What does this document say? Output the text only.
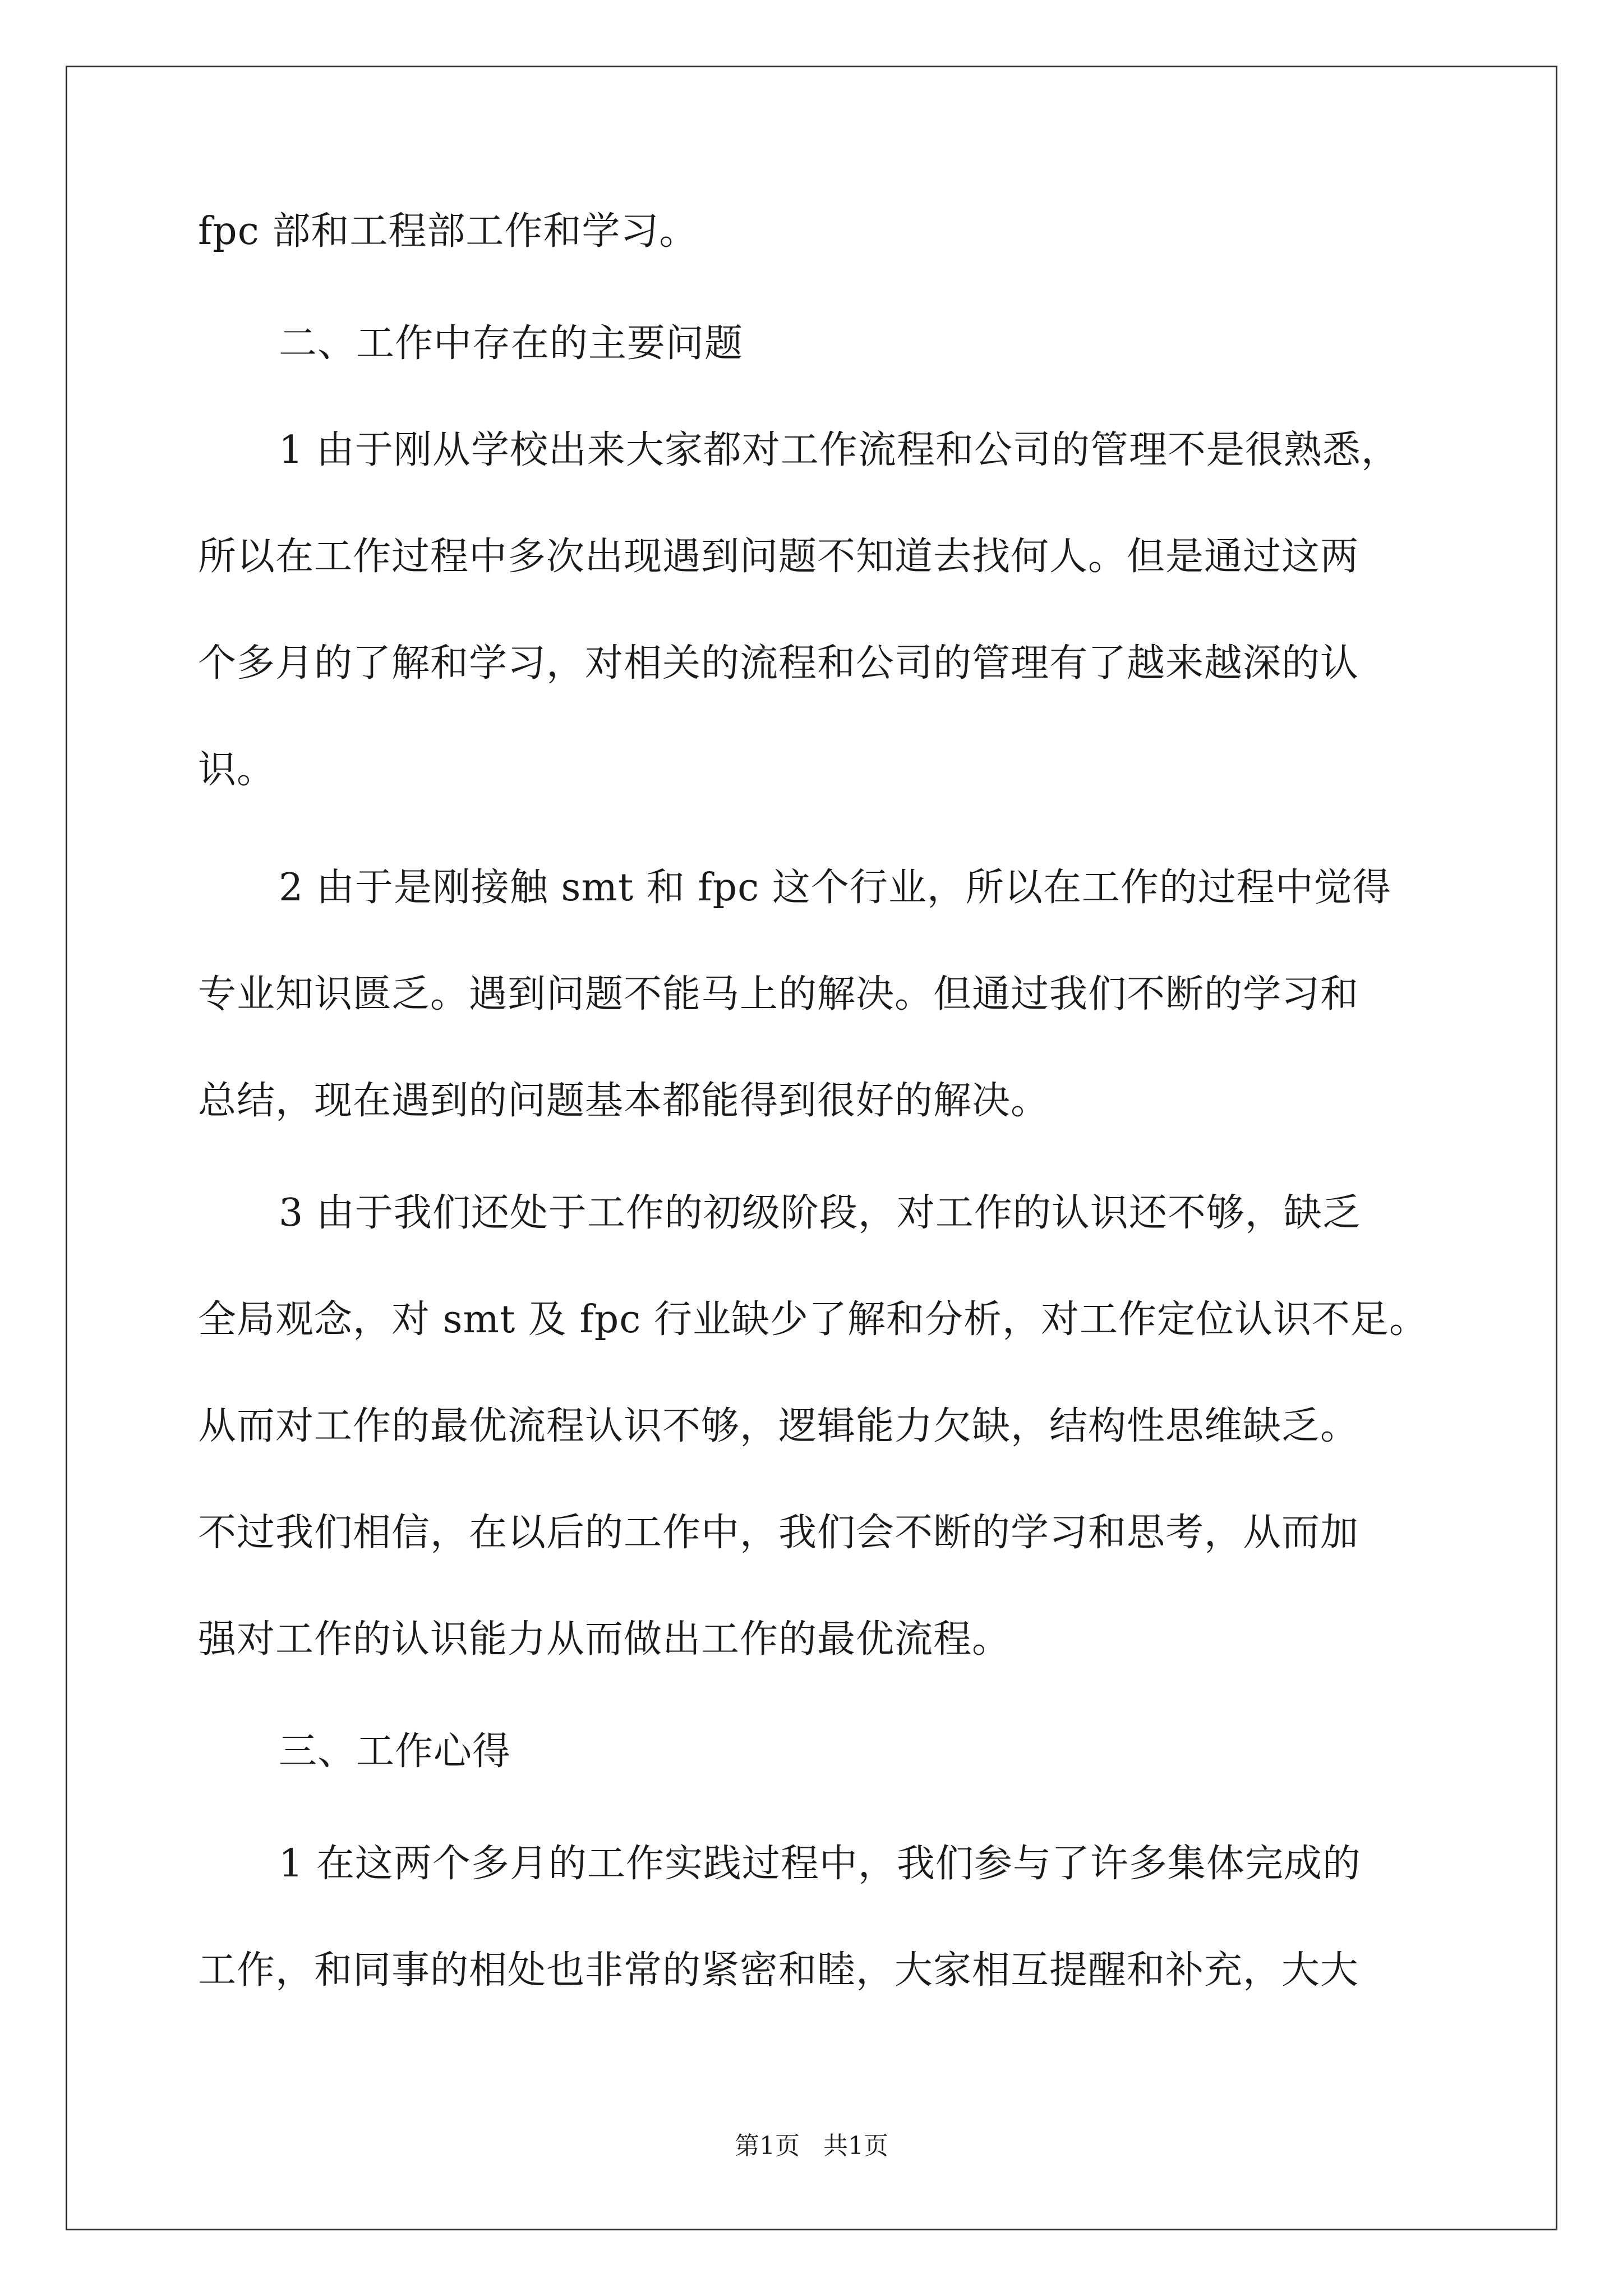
fpc 部和工程部工作和学习。
二、工作中存在的主要问题
1 由于刚从学校出来大家都对工作流程和公司的管理不是很熟悉，
所以在工作过程中多次出现遇到问题不知道去找何人。但是通过这两
个多月的了解和学习，对相关的流程和公司的管理有了越来越深的认
识。
2 由于是刚接触 smt 和 fpc 这个行业，所以在工作的过程中觉得
专业知识匮乏。遇到问题不能马上的解决。但通过我们不断的学习和
总结，现在遇到的问题基本都能得到很好的解决。
3 由于我们还处于工作的初级阶段，对工作的认识还不够，缺乏
全局观念，对 smt 及 fpc 行业缺少了解和分析，对工作定位认识不足。
从而对工作的最优流程认识不够，逻辑能力欠缺，结构性思维缺乏。
不过我们相信，在以后的工作中，我们会不断的学习和思考，从而加
强对工作的认识能力从而做出工作的最优流程。
三、工作心得
1 在这两个多月的工作实践过程中，我们参与了许多集体完成的
工作，和同事的相处也非常的紧密和睦，大家相互提醒和补充，大大
第1页   共1页
